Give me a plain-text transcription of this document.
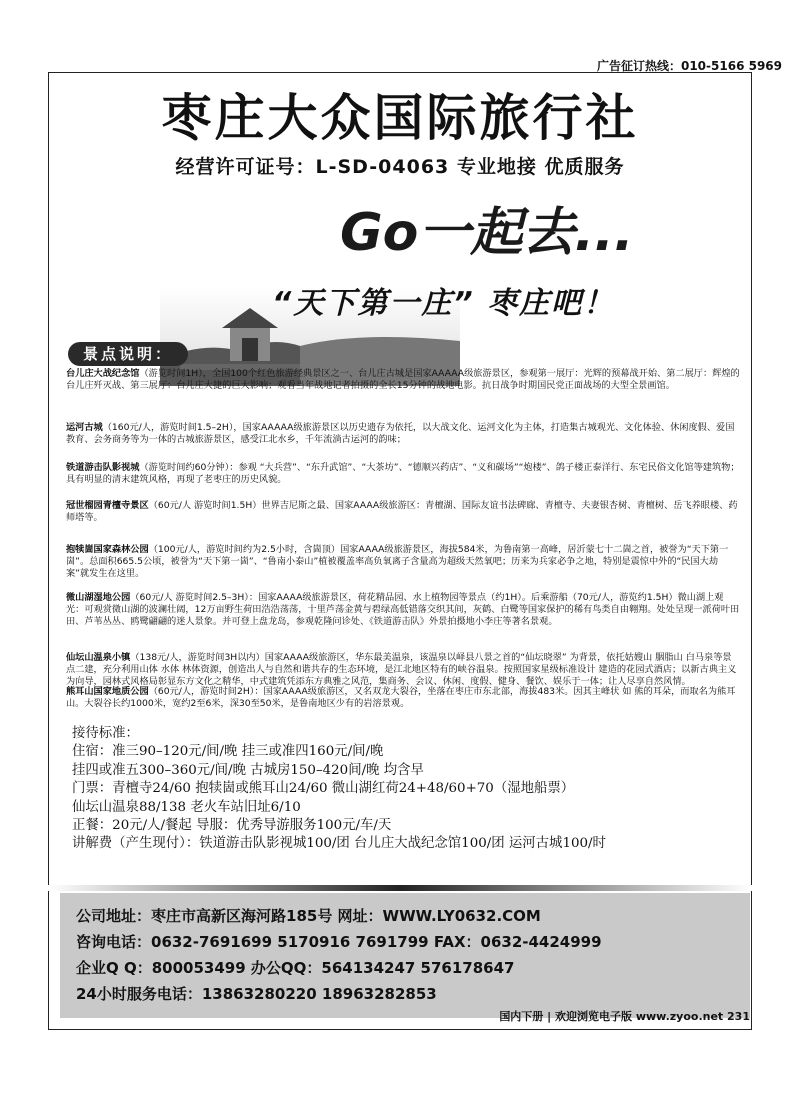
广告征订热线：010-5166 5969
枣庄大众国际旅行社
经营许可证号：L-SD-04063 专业地接 优质服务
Go一起去...
“天下第一庄” 枣庄吧！
景点说明：
台儿庄大战纪念馆（游览时间1H），全国100个红色旅游经典景区之一、台儿庄古城是国家AAAAA级旅游景区，参观第一展厅：光辉的预幕战开始、第二展厅：辉煌的台儿庄歼灭战、第三展厅：台儿庄大捷的巨大影响；观看当年战地记者拍摄的全长15分钟的战地电影。抗日战争时期国民党正面战场的大型全景画馆。
运河古城（160元/人，游览时间1.5–2H），国家AAAAA级旅游景区以历史遗存为依托，以大战文化、运河文化为主体，打造集古城观光、文化体验、休闲度假、爱国教育、会务商务等为一体的古城旅游景区，感受江北水乡，千年流淌古运河的韵味；
铁道游击队影视城（游览时间约60分钟）：参观 “大兵营”、“东升武馆”、“大茶坊”、“德顺兴药店”、“义和碳场”“炮楼”、鸽子楼正泰洋行、东宅民俗文化馆等建筑物；具有明显的清末建筑风格，再现了老枣庄的历史风貌。
冠世榴园青檀寺景区（60元/人 游览时间1.5H）世界吉尼斯之最、国家AAAA级旅游区：青檀湖、国际友谊书法碑廊、青檀寺、夫妻银杏树、青檀树、岳飞养眼楼、药师塔等。
抱犊崮国家森林公园（100元/人，游览时间约为2.5小时，含崮顶）国家AAAA级旅游景区，海拔584米，为鲁南第一高峰，居沂蒙七十二崮之首，被誉为“天下第一崮”。总面积665.5公顷，被誉为“天下第一崮”、“鲁南小泰山”植被覆盖率高负氧离子含量高为超级天然氧吧；历来为兵家必争之地，特别是震惊中外的“民国大劫案”就发生在这里。
微山湖湿地公园（60元/人 游览时间2.5–3H）：国家AAAA级旅游景区，荷花精品园、水上植物园等景点（约1H）。后乘游船（70元/人，游览约1.5H）微山湖上观光：可观赏微山湖的波澜壮阔，12万亩野生荷田浩浩荡荡，十里芦荡金黄与碧绿高低错落交织其间，灰鹤、白鹭等国家保护的稀有鸟类自由翱翔。处处呈现一派荷叶田田、芦苇丛丛、鸥鹭翩翩的迷人景象。并可登上盘龙岛，参观乾隆问诊处、《铁道游击队》外景拍摄地小李庄等著名景观。
仙坛山温泉小镇（138元/人，游览时间3H以内）国家AAAA级旅游区，华东最美温泉，该温泉以峄县八景之首的“仙坛晓翠” 为背景，依托姑嫂山 胭脂山 白马泉等景点二建，充分利用山体 水体 林体资源，创造出人与自然和谐共存的生态环境，是江北地区特有的峡谷温泉。按照国家星级标准设计 建造的花园式酒店；以新古典主义为向导，园林式风格局彰显东方文化之精华，中式建筑凭添东方典雅之风范，集商务、会议、休闲、度假、健身、餐饮、娱乐于一体；让人尽享自然风情。
熊耳山国家地质公园（60元/人，游览时间2H）：国家AAAA级旅游区，又名双龙大裂谷，坐落在枣庄市东北部，海拔483米。因其主峰状 如 熊的耳朵，而取名为熊耳山。大裂谷长约1000米，宽约2至6米，深30至50米，是鲁南地区少有的岩溶景观。
接待标准：
住宿：准三90–120元/间/晚 挂三或准四160元/间/晚
挂四或准五300–360元/间/晚 古城房150–420间/晚 均含早
门票：青檀寺24/60 抱犊崮或熊耳山24/60 微山湖红荷24+48/60+70（湿地船票）
仙坛山温泉88/138 老火车站旧址6/10
正餐：20元/人/餐起 导服：优秀导游服务100元/车/天
讲解费（产生现付）：铁道游击队影视城100/团 台儿庄大战纪念馆100/团 运河古城100/时
公司地址：枣庄市高新区海河路185号 网址：WWW.LY0632.COM
咨询电话：0632-7691699 5170916 7691799 FAX：0632-4424999
企业Q Q：800053499 办公QQ：564134247 576178647
24小时服务电话：13863280220 18963282853
国内下册 | 欢迎浏览电子版 www.zyoo.net 231
